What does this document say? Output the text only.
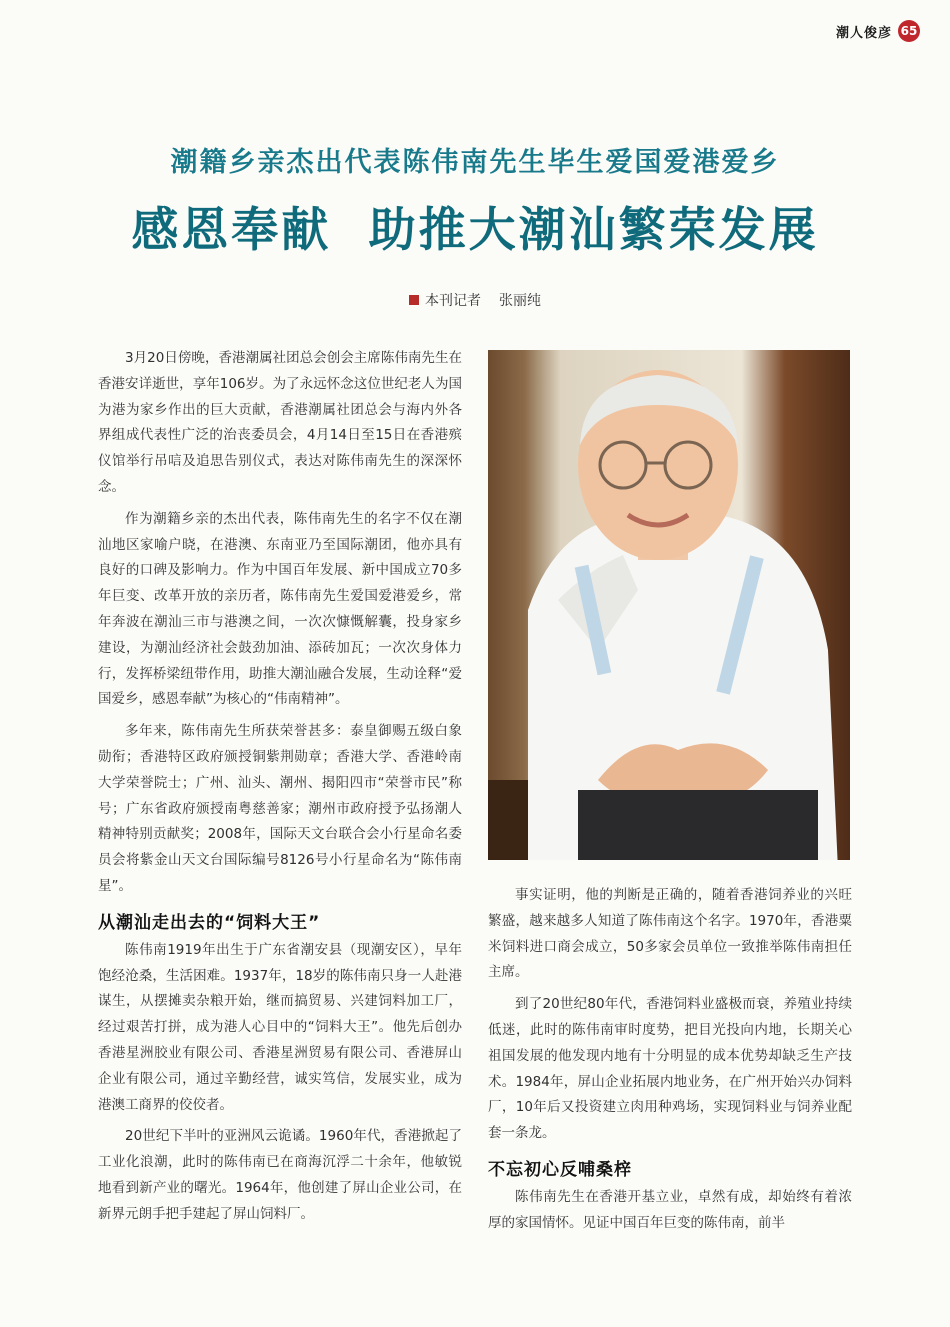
潮人俊彦 65
潮籍乡亲杰出代表陈伟南先生毕生爱国爱港爱乡
感恩奉献 助推大潮汕繁荣发展
本刊记者 张丽纯

3月20日傍晚，香港潮属社团总会创会主席陈伟南先生在香港安详逝世，享年106岁。为了永远怀念这位世纪老人为国为港为家乡作出的巨大贡献，香港潮属社团总会与海内外各界组成代表性广泛的治丧委员会，4月14日至15日在香港殡仪馆举行吊唁及追思告别仪式，表达对陈伟南先生的深深怀念。

作为潮籍乡亲的杰出代表，陈伟南先生的名字不仅在潮汕地区家喻户晓，在港澳、东南亚乃至国际潮团，他亦具有良好的口碑及影响力。作为中国百年发展、新中国成立70多年巨变、改革开放的亲历者，陈伟南先生爱国爱港爱乡，常年奔波在潮汕三市与港澳之间，一次次慷慨解囊，投身家乡建设，为潮汕经济社会鼓劲加油、添砖加瓦；一次次身体力行，发挥桥梁纽带作用，助推大潮汕融合发展，生动诠释“爱国爱乡，感恩奉献”为核心的“伟南精神”。

多年来，陈伟南先生所获荣誉甚多：泰皇御赐五级白象勋衔；香港特区政府颁授铜紫荆勋章；香港大学、香港岭南大学荣誉院士；广州、汕头、潮州、揭阳四市“荣誉市民”称号；广东省政府颁授南粤慈善家；潮州市政府授予弘扬潮人精神特别贡献奖；2008年，国际天文台联合会小行星命名委员会将紫金山天文台国际编号8126号小行星命名为“陈伟南星”。

从潮汕走出去的“饲料大王”

陈伟南1919年出生于广东省潮安县（现潮安区），早年饱经沧桑，生活困难。1937年，18岁的陈伟南只身一人赴港谋生，从摆摊卖杂粮开始，继而搞贸易、兴建饲料加工厂，经过艰苦打拼，成为港人心目中的“饲料大王”。他先后创办香港星洲胶业有限公司、香港星洲贸易有限公司、香港屏山企业有限公司，通过辛勤经营，诚实笃信，发展实业，成为港澳工商界的佼佼者。

20世纪下半叶的亚洲风云诡谲。1960年代，香港掀起了工业化浪潮，此时的陈伟南已在商海沉浮二十余年，他敏锐地看到新产业的曙光。1964年，他创建了屏山企业公司，在新界元朗手把手建起了屏山饲料厂。

事实证明，他的判断是正确的，随着香港饲养业的兴旺繁盛，越来越多人知道了陈伟南这个名字。1970年，香港粟米饲料进口商会成立，50多家会员单位一致推举陈伟南担任主席。

到了20世纪80年代，香港饲料业盛极而衰，养殖业持续低迷，此时的陈伟南审时度势，把目光投向内地，长期关心祖国发展的他发现内地有十分明显的成本优势却缺乏生产技术。1984年，屏山企业拓展内地业务，在广州开始兴办饲料厂，10年后又投资建立肉用种鸡场，实现饲料业与饲养业配套一条龙。

不忘初心反哺桑梓

陈伟南先生在香港开基立业，卓然有成，却始终有着浓厚的家国情怀。见证中国百年巨变的陈伟南，前半
